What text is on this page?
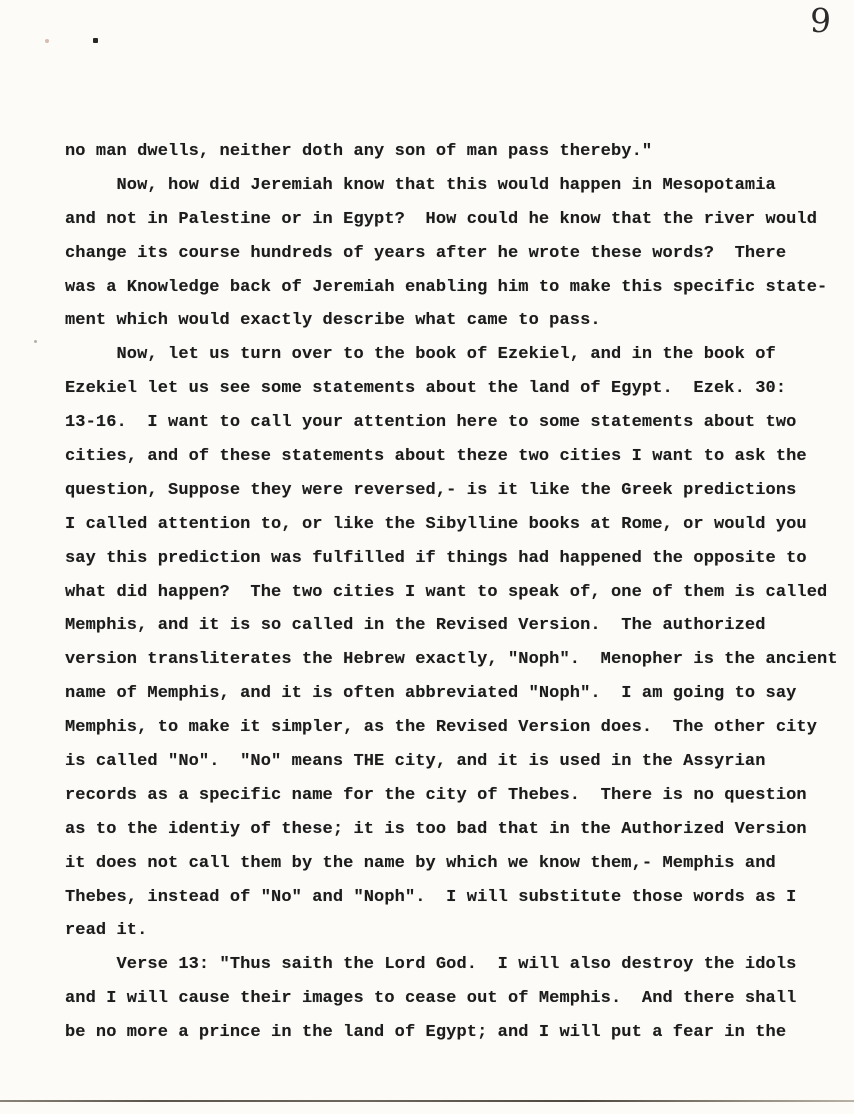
9
no man dwells, neither doth any son of man pass thereby."
Now, how did Jeremiah know that this would happen in Mesopotamia
and not in Palestine or in Egypt?  How could he know that the river would
change its course hundreds of years after he wrote these words?  There
was a Knowledge back of Jeremiah enabling him to make this specific state-
ment which would exactly describe what came to pass.
Now, let us turn over to the book of Ezekiel, and in the book of
Ezekiel let us see some statements about the land of Egypt.  Ezek. 30:
13-16.  I want to call your attention here to some statements about two
cities, and of these statements about theze two cities I want to ask the
question, Suppose they were reversed,- is it like the Greek predictions
I called attention to, or like the Sibylline books at Rome, or would you
say this prediction was fulfilled if things had happened the opposite to
what did happen?  The two cities I want to speak of, one of them is called
Memphis, and it is so called in the Revised Version.  The authorized
version transliterates the Hebrew exactly, "Noph".  Menopher is the ancient
name of Memphis, and it is often abbreviated "Noph".  I am going to say
Memphis, to make it simpler, as the Revised Version does.  The other city
is called "No".  "No" means THE city, and it is used in the Assyrian
records as a specific name for the city of Thebes.  There is no question
as to the identiy of these; it is too bad that in the Authorized Version
it does not call them by the name by which we know them,- Memphis and
Thebes, instead of "No" and "Noph".  I will substitute those words as I
read it.
Verse 13: "Thus saith the Lord God.  I will also destroy the idols
and I will cause their images to cease out of Memphis.  And there shall
be no more a prince in the land of Egypt; and I will put a fear in the
